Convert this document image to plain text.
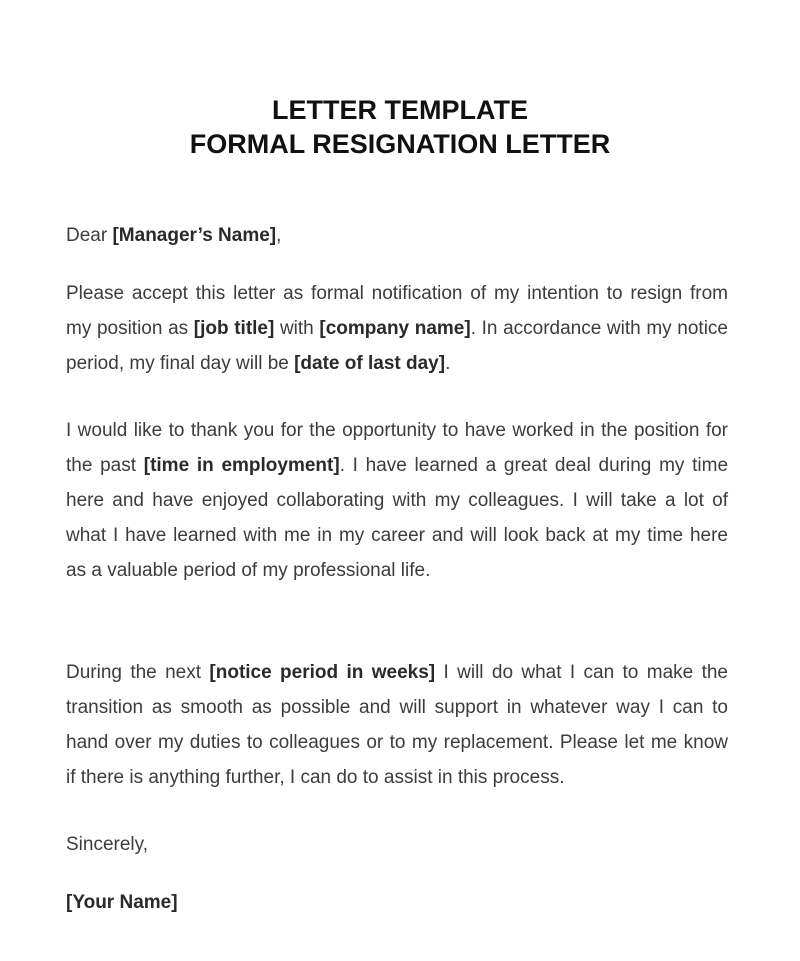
LETTER TEMPLATE
FORMAL RESIGNATION LETTER
Dear [Manager’s Name],
Please accept this letter as formal notification of my intention to resign from my position as [job title] with [company name]. In accordance with my notice period, my final day will be [date of last day].
I would like to thank you for the opportunity to have worked in the position for the past [time in employment]. I have learned a great deal during my time here and have enjoyed collaborating with my colleagues. I will take a lot of what I have learned with me in my career and will look back at my time here as a valuable period of my professional life.
During the next [notice period in weeks] I will do what I can to make the transition as smooth as possible and will support in whatever way I can to hand over my duties to colleagues or to my replacement. Please let me know if there is anything further, I can do to assist in this process.
Sincerely,
[Your Name]
